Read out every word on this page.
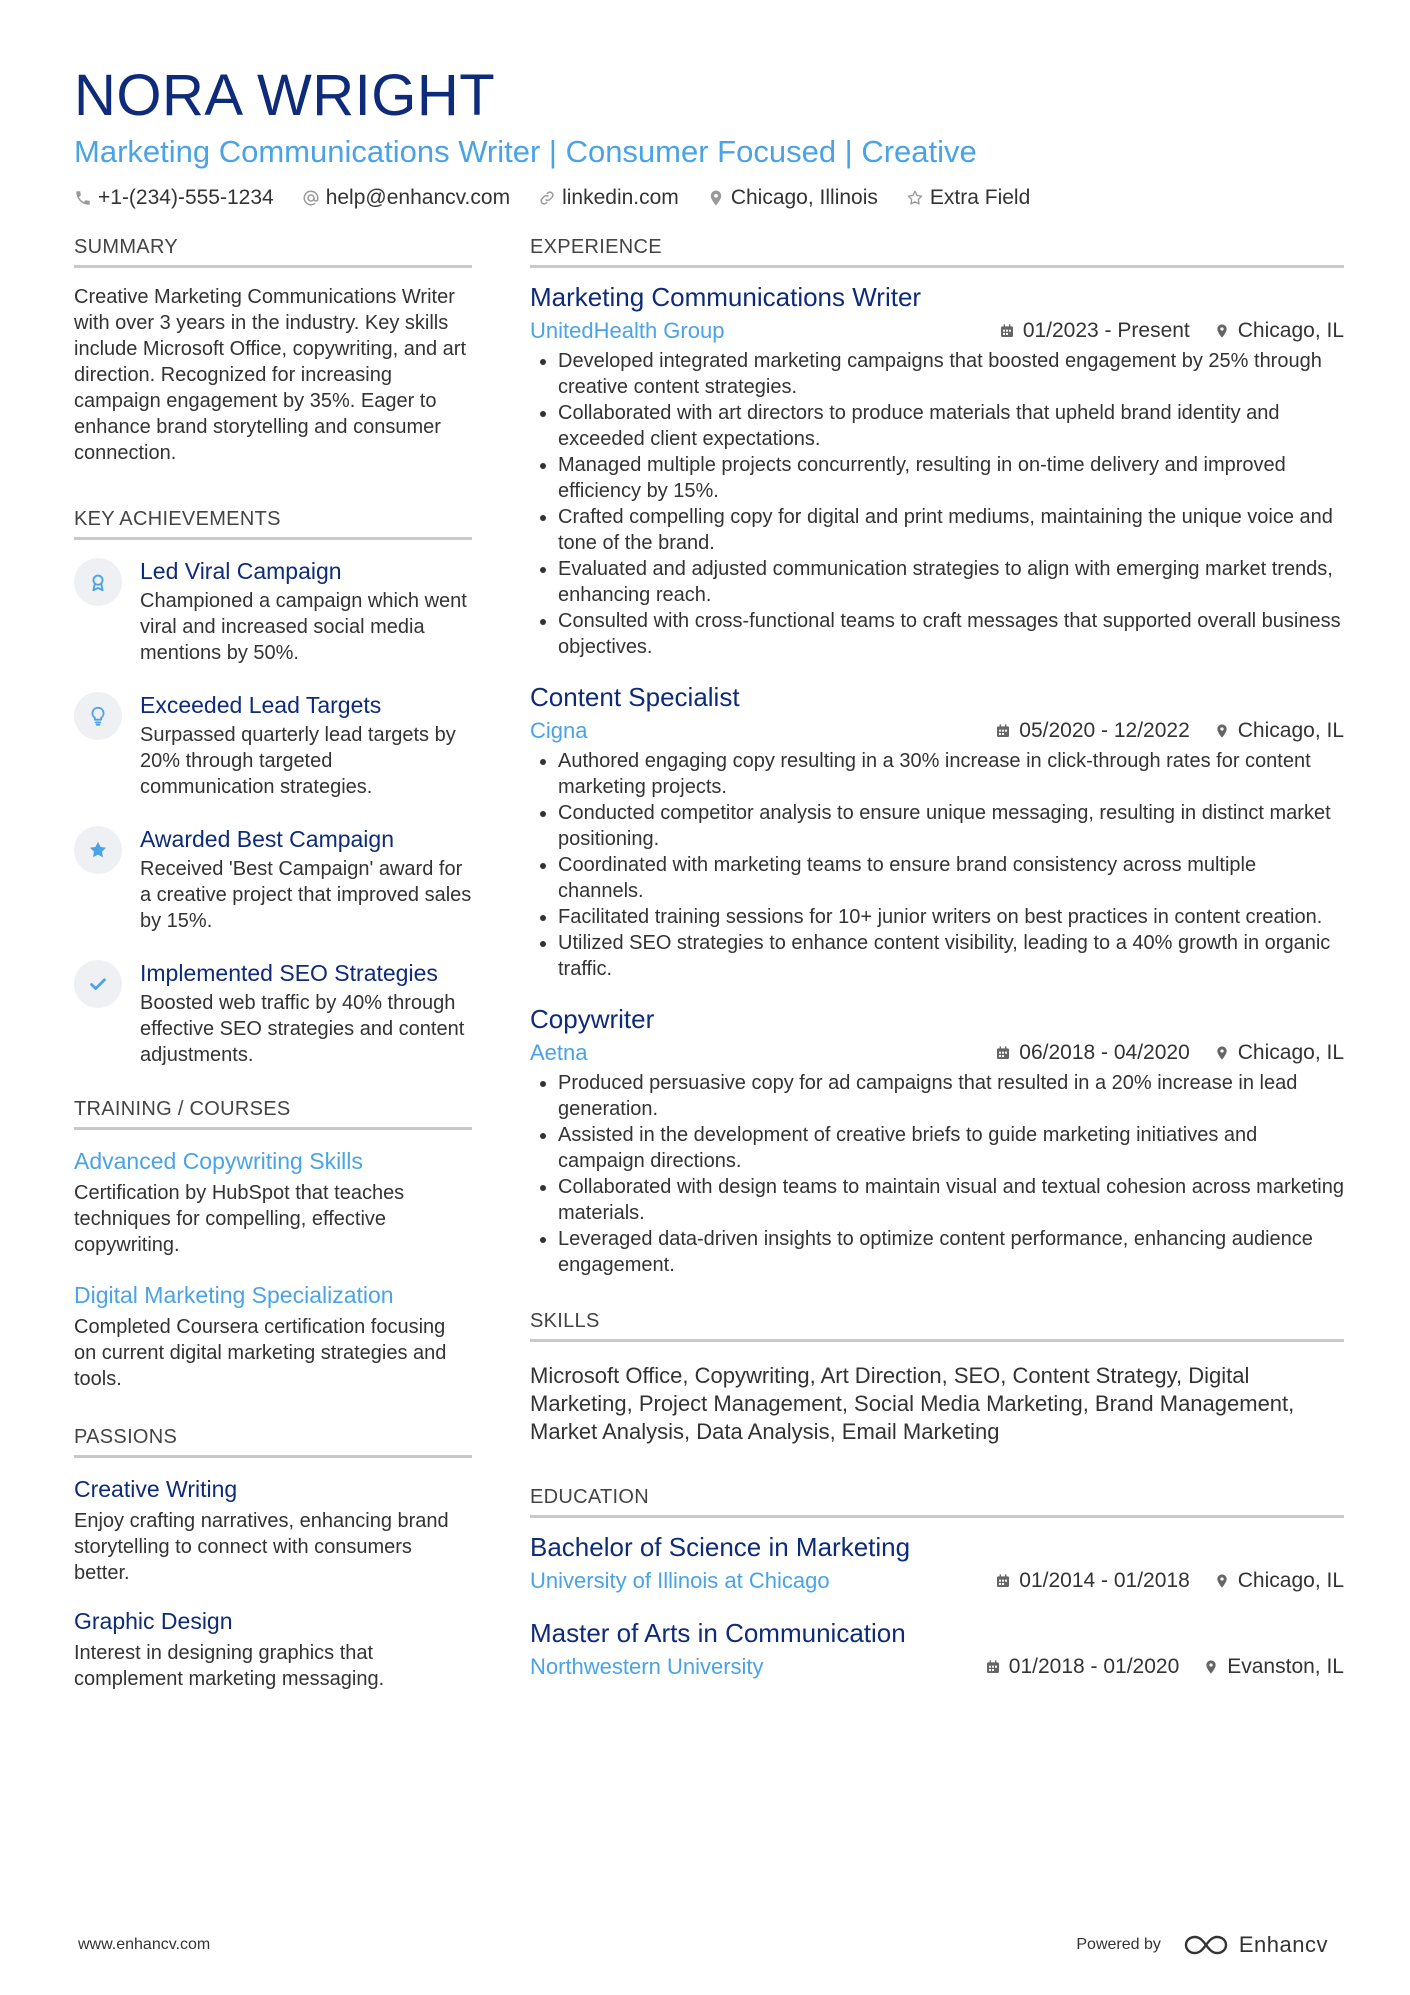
NORA WRIGHT
Marketing Communications Writer | Consumer Focused | Creative
+1-(234)-555-1234 help@enhancv.com linkedin.com Chicago, Illinois Extra Field
SUMMARY
Creative Marketing Communications Writer with over 3 years in the industry. Key skills include Microsoft Office, copywriting, and art direction. Recognized for increasing campaign engagement by 35%. Eager to enhance brand storytelling and consumer connection.
KEY ACHIEVEMENTS
Led Viral Campaign
Championed a campaign which went viral and increased social media mentions by 50%.
Exceeded Lead Targets
Surpassed quarterly lead targets by 20% through targeted communication strategies.
Awarded Best Campaign
Received 'Best Campaign' award for a creative project that improved sales by 15%.
Implemented SEO Strategies
Boosted web traffic by 40% through effective SEO strategies and content adjustments.
TRAINING / COURSES
Advanced Copywriting Skills
Certification by HubSpot that teaches techniques for compelling, effective copywriting.
Digital Marketing Specialization
Completed Coursera certification focusing on current digital marketing strategies and tools.
PASSIONS
Creative Writing
Enjoy crafting narratives, enhancing brand storytelling to connect with consumers better.
Graphic Design
Interest in designing graphics that complement marketing messaging.
EXPERIENCE
Marketing Communications Writer
UnitedHealth Group	01/2023 - Present Chicago, IL
• Developed integrated marketing campaigns that boosted engagement by 25% through creative content strategies.
• Collaborated with art directors to produce materials that upheld brand identity and exceeded client expectations.
• Managed multiple projects concurrently, resulting in on-time delivery and improved efficiency by 15%.
• Crafted compelling copy for digital and print mediums, maintaining the unique voice and tone of the brand.
• Evaluated and adjusted communication strategies to align with emerging market trends, enhancing reach.
• Consulted with cross-functional teams to craft messages that supported overall business objectives.
Content Specialist
Cigna	05/2020 - 12/2022 Chicago, IL
• Authored engaging copy resulting in a 30% increase in click-through rates for content marketing projects.
• Conducted competitor analysis to ensure unique messaging, resulting in distinct market positioning.
• Coordinated with marketing teams to ensure brand consistency across multiple channels.
• Facilitated training sessions for 10+ junior writers on best practices in content creation.
• Utilized SEO strategies to enhance content visibility, leading to a 40% growth in organic traffic.
Copywriter
Aetna	06/2018 - 04/2020 Chicago, IL
• Produced persuasive copy for ad campaigns that resulted in a 20% increase in lead generation.
• Assisted in the development of creative briefs to guide marketing initiatives and campaign directions.
• Collaborated with design teams to maintain visual and textual cohesion across marketing materials.
• Leveraged data-driven insights to optimize content performance, enhancing audience engagement.
SKILLS
Microsoft Office, Copywriting, Art Direction, SEO, Content Strategy, Digital Marketing, Project Management, Social Media Marketing, Brand Management, Market Analysis, Data Analysis, Email Marketing
EDUCATION
Bachelor of Science in Marketing
University of Illinois at Chicago	01/2014 - 01/2018 Chicago, IL
Master of Arts in Communication
Northwestern University	01/2018 - 01/2020 Evanston, IL
www.enhancv.com	Powered by	Enhancv
